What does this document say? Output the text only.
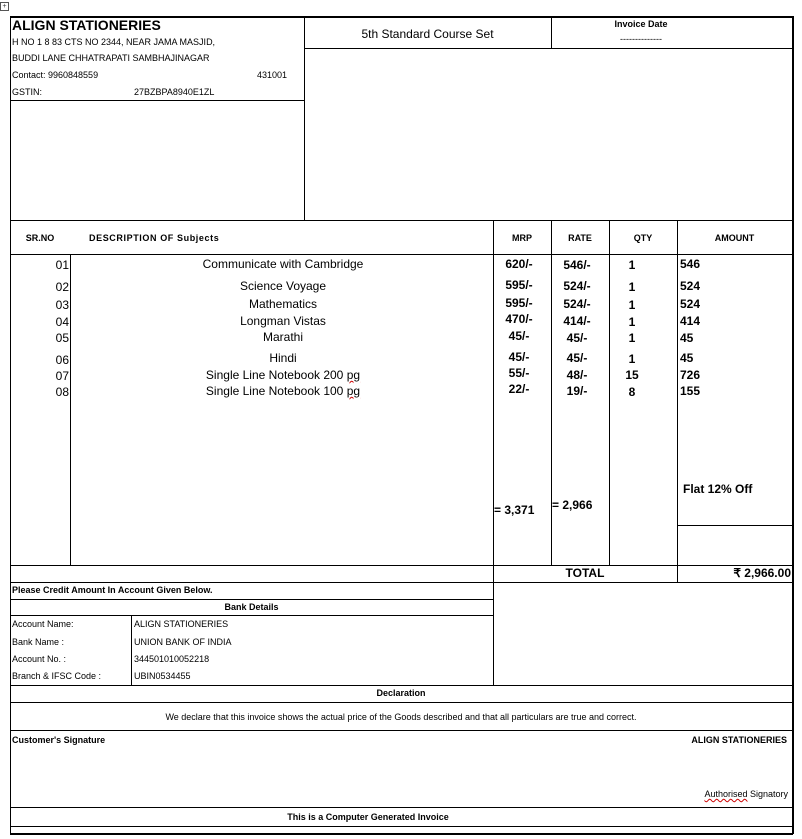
+
ALIGN STATIONERIES
H NO 1 8 83 CTS NO 2344, NEAR JAMA MASJID,
BUDDI LANE CHHATRAPATI SAMBHAJINAGAR
Contact: 9960848559	431001
GSTIN:	27BZBPA8940E1ZL
5th Standard Course Set
Invoice Date
--------------
SR.NO	DESCRIPTION OF Subjects	MRP	RATE	QTY	AMOUNT
01	Communicate with Cambridge	620/-	546/-	1	546
02	Science Voyage	595/-	524/-	1	524
03	Mathematics	595/-	524/-	1	524
04	Longman Vistas	470/-	414/-	1	414
05	Marathi	45/-	45/-	1	45
06	Hindi	45/-	45/-	1	45
07	Single Line Notebook 200 pg	55/-	48/-	15	726
08	Single Line Notebook 100 pg	22/-	19/-	8	155
= 3,371 = 2,966
Flat 12% Off
TOTAL	₹ 2,966.00
Please Credit Amount In Account Given Below.
Bank Details
Account Name:	ALIGN STATIONERIES
Bank Name :	UNION BANK OF INDIA
Account No. :	344501010052218
Branch & IFSC Code :	UBIN0534455
Declaration
We declare that this invoice shows the actual price of the Goods described and that all particulars are true and correct.
Customer's Signature	ALIGN STATIONERIES
Authorised Signatory
This is a Computer Generated Invoice
